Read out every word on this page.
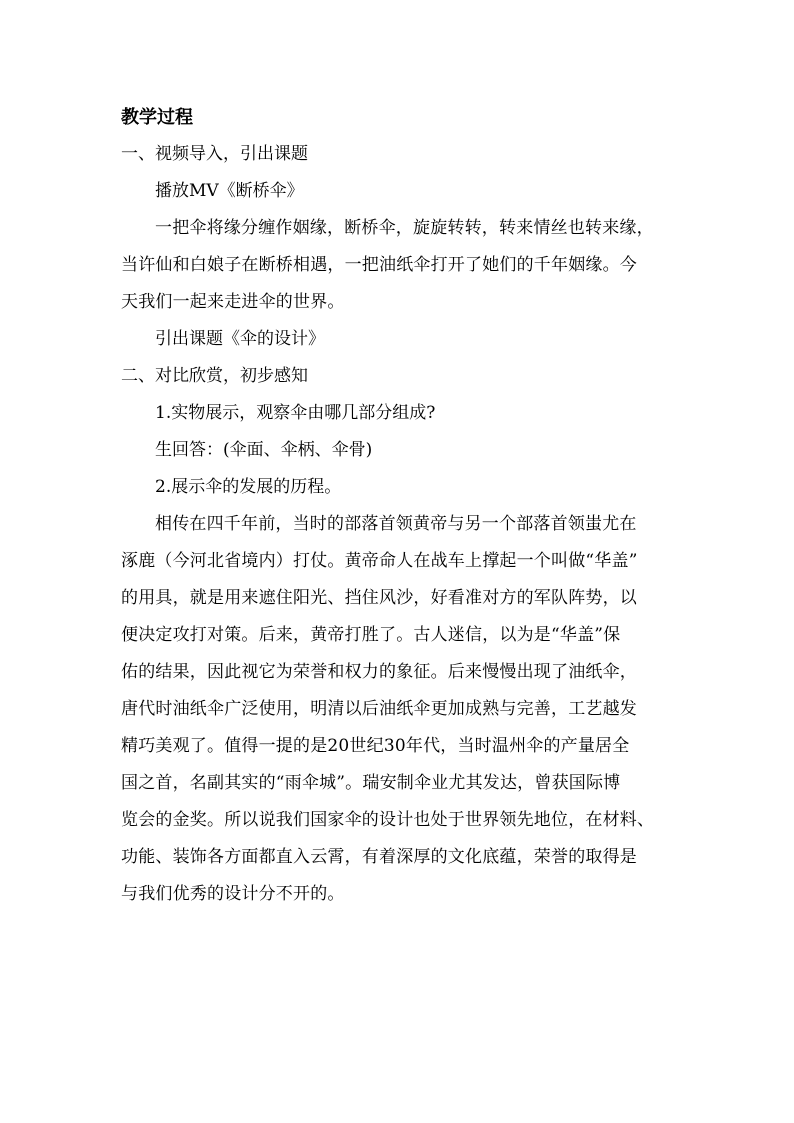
教学过程
一、视频导入，引出课题
播放MV《断桥伞》
一把伞将缘分缠作姻缘，断桥伞，旋旋转转，转来情丝也转来缘，
当许仙和白娘子在断桥相遇，一把油纸伞打开了她们的千年姻缘。今
天我们一起来走进伞的世界。
引出课题《伞的设计》
二、对比欣赏，初步感知
1.实物展示，观察伞由哪几部分组成?
生回答：(伞面、伞柄、伞骨)
2.展示伞的发展的历程。
相传在四千年前，当时的部落首领黄帝与另一个部落首领蚩尤在
涿鹿（今河北省境内）打仗。黄帝命人在战车上撑起一个叫做“华盖”
的用具，就是用来遮住阳光、挡住风沙，好看准对方的军队阵势，以
便决定攻打对策。后来，黄帝打胜了。古人迷信，以为是“华盖”保
佑的结果，因此视它为荣誉和权力的象征。后来慢慢出现了油纸伞，
唐代时油纸伞广泛使用，明清以后油纸伞更加成熟与完善，工艺越发
精巧美观了。值得一提的是20世纪30年代，当时温州伞的产量居全
国之首，名副其实的“雨伞城”。瑞安制伞业尤其发达，曾获国际博
览会的金奖。所以说我们国家伞的设计也处于世界领先地位，在材料、
功能、装饰各方面都直入云霄，有着深厚的文化底蕴，荣誉的取得是
与我们优秀的设计分不开的。
